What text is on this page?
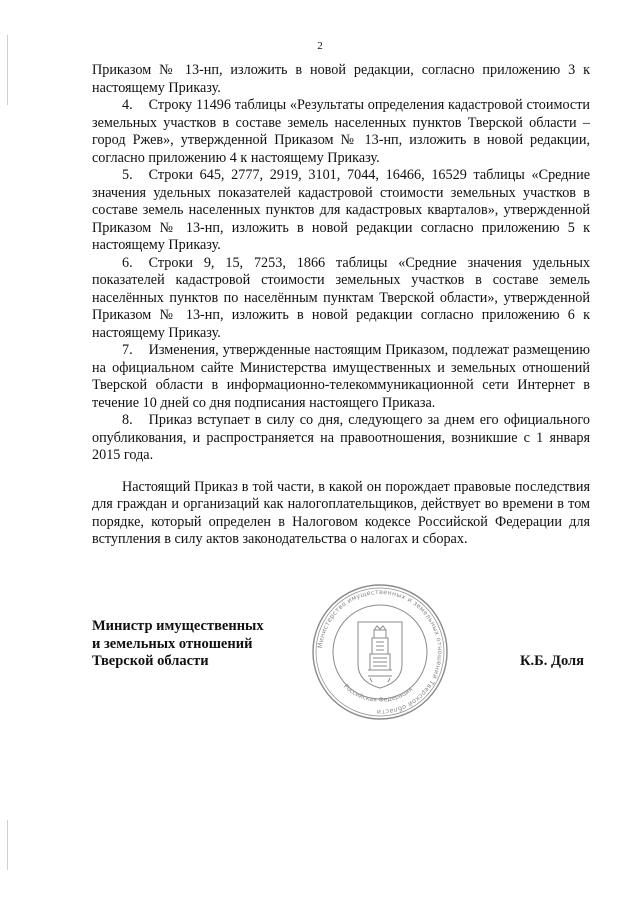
2

Приказом № 13-нп, изложить в новой редакции, согласно приложению 3 к настоящему Приказу.

4. Строку 11496 таблицы «Результаты определения кадастровой стоимости земельных участков в составе земель населенных пунктов Тверской области – город Ржев», утвержденной Приказом № 13-нп, изложить в новой редакции, согласно приложению 4 к настоящему Приказу.

5. Строки 645, 2777, 2919, 3101, 7044, 16466, 16529 таблицы «Средние значения удельных показателей кадастровой стоимости земельных участков в составе земель населенных пунктов для кадастровых кварталов», утвержденной Приказом № 13-нп, изложить в новой редакции согласно приложению 5 к настоящему Приказу.

6. Строки 9, 15, 7253, 1866 таблицы «Средние значения удельных показателей кадастровой стоимости земельных участков в составе земель населённых пунктов по населённым пунктам Тверской области», утвержденной Приказом № 13-нп, изложить в новой редакции согласно приложению 6 к настоящему Приказу.

7. Изменения, утвержденные настоящим Приказом, подлежат размещению на официальном сайте Министерства имущественных и земельных отношений Тверской области в информационно-телекоммуникационной сети Интернет в течение 10 дней со дня подписания настоящего Приказа.

8. Приказ вступает в силу со дня, следующего за днем его официального опубликования, и распространяется на правоотношения, возникшие с 1 января 2015 года.

Настоящий Приказ в той части, в какой он порождает правовые последствия для граждан и организаций как налогоплательщиков, действует во времени в том порядке, который определен в Налоговом кодексе Российской Федерации для вступления в силу актов законодательства о налогах и сборах.

Министр имущественных
и земельных отношений
Тверской области
Министерство имущественных и земельных отношений Тверской области
Российская Федерация
К.Б. Доля
